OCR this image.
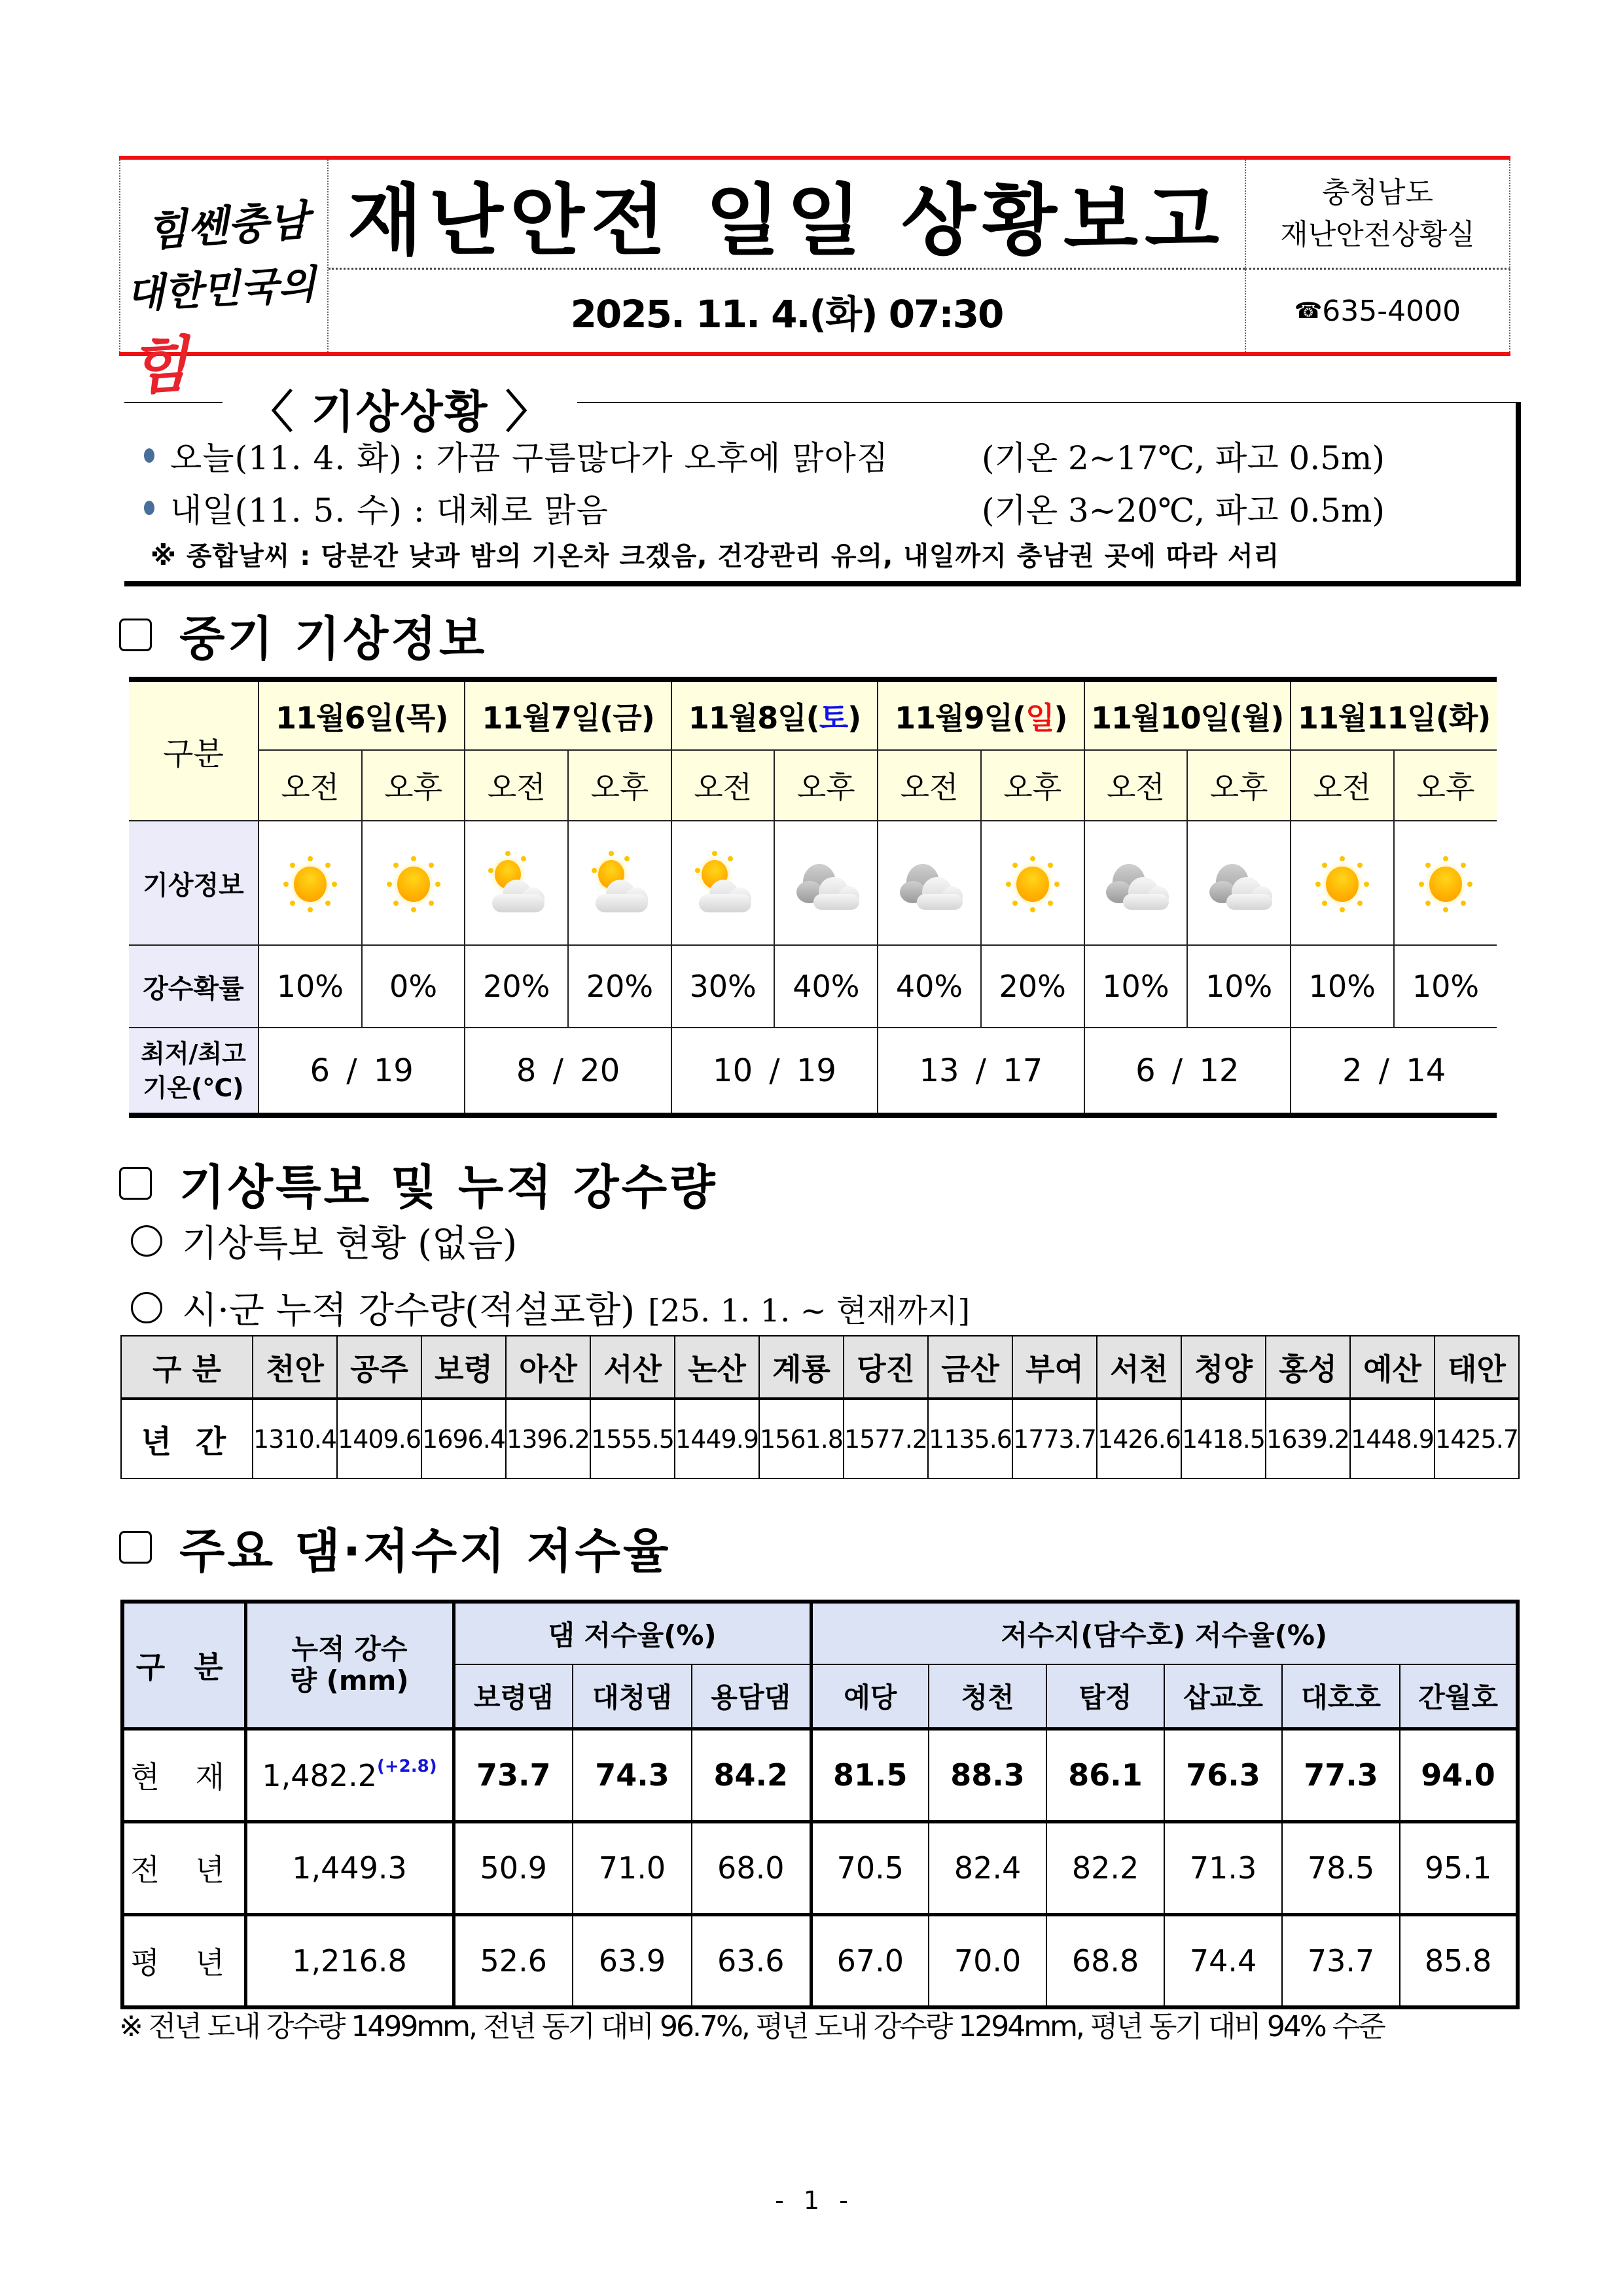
힘쎈충남
대한민국의힘
재난안전 일일 상황보고
2025. 11. 4.(화) 07:30
충청남도
재난안전상황실
☎ 635-4000
〈 기상상황 〉
오늘(11. 4. 화) : 가끔 구름많다가 오후에 맑아짐	(기온 2~17℃, 파고 0.5m)
내일(11. 5. 수) : 대체로 맑음	(기온 3~20℃, 파고 0.5m)
※ 종합날씨 : 당분간 낮과 밤의 기온차 크겠음, 건강관리 유의, 내일까지 충남권 곳에 따라 서리
중기 기상정보
구분	11월6일(목)		11월7일(금)		11월8일(토)		11월9일(일)		11월10일(월)		11월11일(화)	
	오전	오후	오전	오후	오전	오후	오전	오후	오전	오후	오전	오후
기상정보	

강수확률	10%	0%	20%	20%	30%	40%	40%	20%	10%	10%	10%	10%
최저/최고 기온(℃)	6 / 19		8 / 20		10 / 19		13 / 17		6 / 12		2 / 14	
기상특보 및 누적 강수량
기상특보 현황 (없음)
시·군 누적 강수량(적설포함) [25. 1. 1. ~ 현재까지]
구 분	천안	공주	보령	아산	서산	논산	계룡	당진	금산	부여	서천	청양	홍성	예산	태안
년 간	1310.4	1409.6	1696.4	1396.2	1555.5	1449.9	1561.8	1577.2	1135.6	1773.7	1426.6	1418.5	1639.2	1448.9	1425.7
주요 댐·저수지 저수율
구 분	누적 강수량 (mm)	댐 저수율(%)			저수지(담수호) 저수율(%)					
		보령댐	대청댐	용담댐	예당	청천	탑정	삽교호	대호호	간월호
현 재	$1,482.2^{(+2.8)}$	73.7	74.3	84.2	81.5	88.3	86.1	76.3	77.3	94.0
전 년	1,449.3	50.9	71.0	68.0	70.5	82.4	82.2	71.3	78.5	95.1
평 년	1,216.8	52.6	63.9	63.6	67.0	70.0	68.8	74.4	73.7	85.8
※ 전년 도내 강수량 1499mm, 전년 동기 대비 96.7%, 평년 도내 강수량 1294mm, 평년 동기 대비 94% 수준
- 1 -
